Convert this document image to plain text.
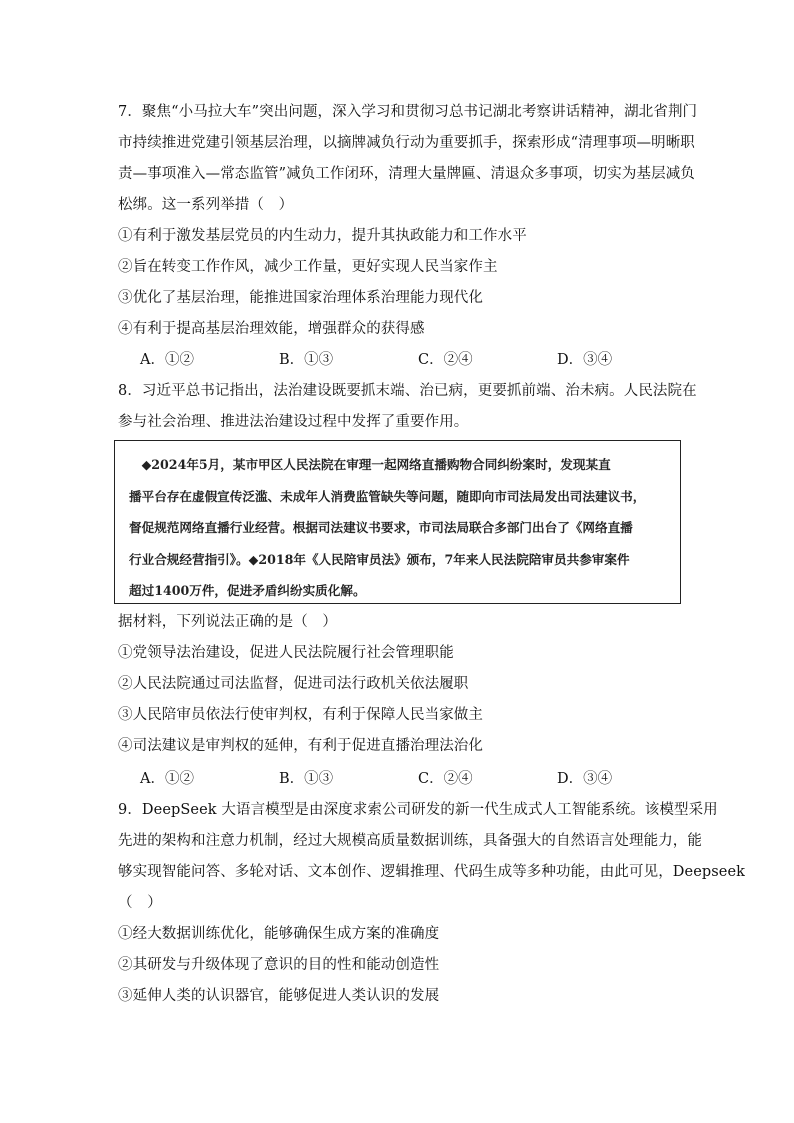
7．聚焦“小马拉大车”突出问题，深入学习和贯彻习总书记湖北考察讲话精神，湖北省荆门
市持续推进党建引领基层治理，以摘牌减负行动为重要抓手，探索形成“清理事项—明晰职
责—事项准入—常态监管”减负工作闭环，清理大量牌匾、清退众多事项，切实为基层减负
松绑。这一系列举措（　）
①有利于激发基层党员的内生动力，提升其执政能力和工作水平
②旨在转变工作作风，减少工作量，更好实现人民当家作主
③优化了基层治理，能推进国家治理体系治理能力现代化
④有利于提高基层治理效能，增强群众的获得感
A．①②	B．①③	C．②④	D．③④
8．习近平总书记指出，法治建设既要抓末端、治已病，更要抓前端、治未病。人民法院在
参与社会治理、推进法治建设过程中发挥了重要作用。
　◆2024年5月，某市甲区人民法院在审理一起网络直播购物合同纠纷案时，发现某直
播平台存在虚假宣传泛滥、未成年人消费监管缺失等问题，随即向市司法局发出司法建议书，
督促规范网络直播行业经营。根据司法建议书要求，市司法局联合多部门出台了《网络直播
行业合规经营指引》。◆2018年《人民陪审员法》颁布，7年来人民法院陪审员共参审案件
超过1400万件，促进矛盾纠纷实质化解。
据材料，下列说法正确的是（　）
①党领导法治建设，促进人民法院履行社会管理职能
②人民法院通过司法监督，促进司法行政机关依法履职
③人民陪审员依法行使审判权，有利于保障人民当家做主
④司法建议是审判权的延伸，有利于促进直播治理法治化
A．①②	B．①③	C．②④	D．③④
9．DeepSeek 大语言模型是由深度求索公司研发的新一代生成式人工智能系统。该模型采用
先进的架构和注意力机制，经过大规模高质量数据训练，具备强大的自然语言处理能力，能
够实现智能问答、多轮对话、文本创作、逻辑推理、代码生成等多种功能，由此可见，Deepseek
（　）
①经大数据训练优化，能够确保生成方案的准确度
②其研发与升级体现了意识的目的性和能动创造性
③延伸人类的认识器官，能够促进人类认识的发展
